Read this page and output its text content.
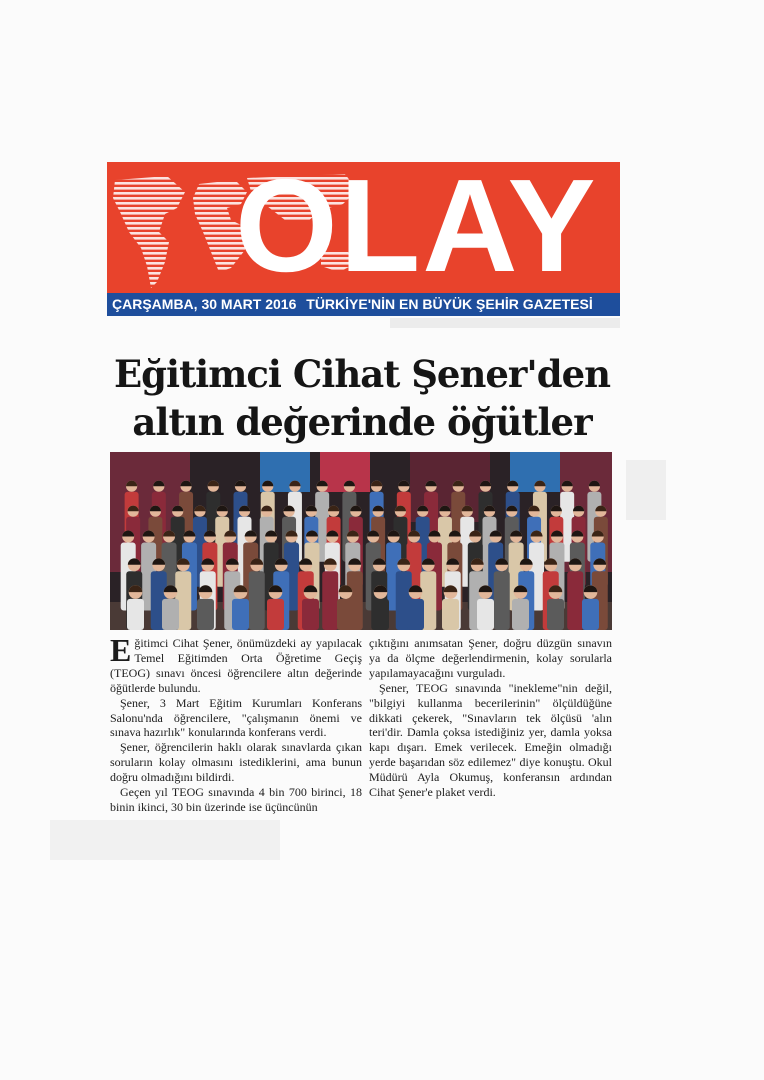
OLAY
ÇARŞAMBA, 30 MART 2016 TÜRKİYE'NİN EN BÜYÜK ŞEHİR GAZETESİ
Eğitimci Cihat Şener'den
altın değerinde öğütler

Eğitimci Cihat Şener, önümüzdeki ay yapılacak Temel Eğitimden Orta Öğretime Geçiş (TEOG) sınavı öncesi öğrencilere altın değerinde öğütlerde bulundu.

Şener, 3 Mart Eğitim Kurumları Konferans Salonu'nda öğrencilere, "çalışmanın önemi ve sınava hazırlık" konularında konferans verdi.

Şener, öğrencilerin haklı olarak sınavlarda çıkan soruların kolay olmasını istediklerini, ama bunun doğru olmadığını bildirdi.

Geçen yıl TEOG sınavında 4 bin 700 birinci, 18 binin ikinci, 30 bin üzerinde ise üçüncünün

çıktığını anımsatan Şener, doğru düzgün sınavın ya da ölçme değerlendirmenin, kolay sorularla yapılamayacağını vurguladı.

Şener, TEOG sınavında "inekleme"nin değil, "bilgiyi kullanma becerilerinin" ölçüldüğüne dikkati çekerek, "Sınavların tek ölçüsü 'alın teri'dir. Damla çoksa istediğiniz yer, damla yoksa kapı dışarı. Emek verilecek. Emeğin olmadığı yerde başarıdan söz edilemez" diye konuştu. Okul Müdürü Ayla Okumuş, konferansın ardından Cihat Şener'e plaket verdi.
